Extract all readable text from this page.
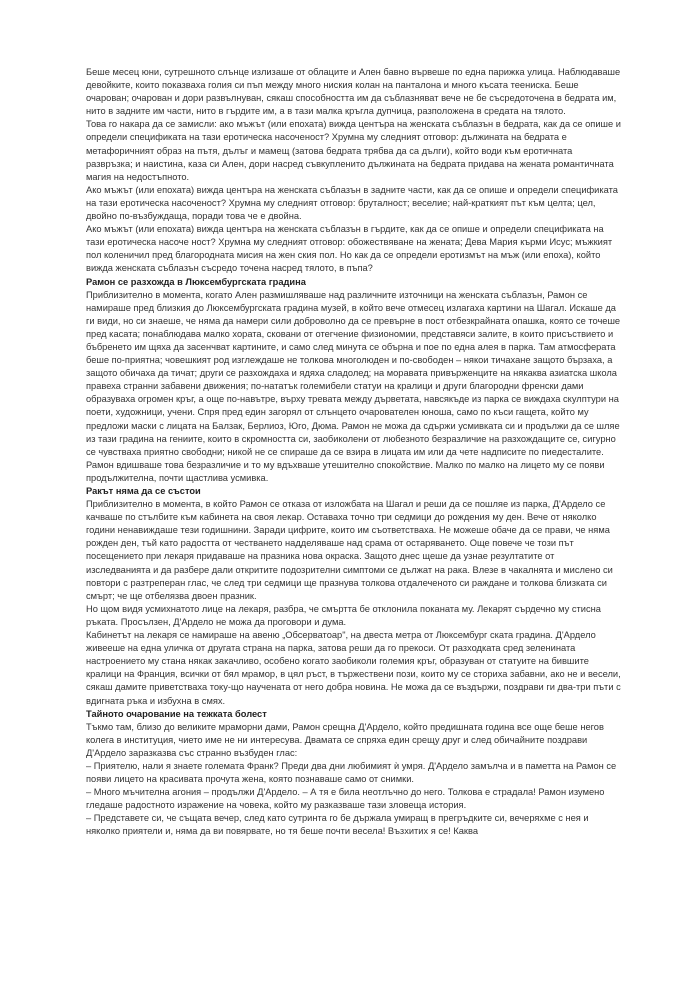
Беше месец юни, сутрешното слънце излизаше от облаците и Ален бавно вървеше по една парижка улица. Наблюдаваше девойките, които показваха голия си пъп между много ниския колан на панталона и много късата теениска. Беше очарован; очарован и дори развълнуван, сякаш способността им да съблазняват вече не бе съсредоточена в бедрата им, нито в задните им части, нито в гърдите им, а в тази малка кръгла дупчица, разположена в средата на тялото.

Това го накара да се замисли: ако мъжът (или епохата) вижда центъра на женската съблазън в бедрата, как да се опише и определи спецификата на тази еротическа насоченост? Хрумна му следният отговор: дължината на бедрата е метафоричният образ на пътя, дълъг и мамещ (затова бедрата трябва да са дълги), който води към еротичната развръзка; и наистина, каза си Ален, дори насред съвкупленито дължината на бедрата придава на жената романтичната магия на недостъпното.

Ако мъжът (или епохата) вижда центъра на женската съблазън в задните части, как да се опише и определи спецификата на тази еротическа насоченост? Хрумна му следният отговор: бруталност; веселие; най-краткият път към целта; цел, двойно по-възбуждаща, поради това че е двойна.

Ако мъжът (или епохата) вижда центъра на женската съблазън в гърдите, как да се опише и определи спецификата на тази еротическа насоче ност? Хрумна му следният отговор: обожествяване на жената; Дева Мария кърми Исус; мъжкият пол коленичил пред благородната мисия на жен ския пол. Но как да се определи еротизмът на мъж (или епоха), който вижда женската съблазън съсредо точена насред тялото, в пъпа?

Рамон се разхожда в Люксембургската градина

Приблизително в момента, когато Ален размишляваше над различните източници на женската съблазън, Рамон се намираше пред близкия до Люксембургската градина музей, в който вече отмесец излагаха картини на Шагал. Искаше да ги види, но си знаеше, че няма да намери сили доброволно да се превърне в пост отбезкрайната опашка, която се точеше пред касата; понаблюдава малко хората, сковани от отегчение физиономии, представяси залите, в които присъствието и бъбренето им щяха да засенчват картините, и само след минута се обърна и пое по една алея в парка. Там атмосферата беше по-приятна; човешкият род изглеждаше не толкова многолюден и по-свободен – някои тичахане защото бързаха, а защото обичаха да тичат; други се разхождаха и ядяха сладолед; на моравата привърженците на някаква азиатска школа правеха странни забавени движения; по-нататък големибели статуи на кралици и други благородни френски дами образуваха огромен кръг, а още по-навътре, върху тревата между дърветата, навсякъде из парка се виждаха скулптури на поети, художници, учени. Спря пред един загорял от слънцето очарователен юноша, само по къси гащета, който му предложи маски с лицата на Балзак, Берлиоз, Юго, Дюма. Рамон не можа да сдържи усмивката си и продължи да се шляе из тази градина на гениите, които в скромността си, заобиколени от любезното безразличие на разхождащите се, сигурно се чувстваха приятно свободни; никой не се спираше да се взира в лицата им или да чете надписите по пиедесталите. Рамон вдишваше това безразличие и то му вдъхваше утешително спокойствие. Малко по малко на лицето му се появи продължителна, почти щастлива усмивка.

Ракът няма да се състои

Приблизително в момента, в който Рамон се отказа от изложбата на Шагал и реши да се пошляе из парка, Д'Ардело се качваше по стълбите към кабинета на своя лекар. Оставаха точно три седмици до рождения му ден. Вече от няколко години ненавиждаше тези годишнини. Заради цифрите, които им съответстваха. Не можеше обаче да се прави, че няма рожден ден, тъй като радостта от честването надделяваше над срама от остаряването. Още повече че този път посещението при лекаря придаваше на празника нова окраска. Защото днес щеше да узнае резултатите от изследванията и да разбере дали откритите подозрителни симптоми се дължат на рака. Влезе в чакалнята и мислено си повтори с разтреперан глас, че след три седмици ще празнува толкова отдалеченото си раждане и толкова близката си смърт; че ще отбелязва двоен празник.

Но щом видя усмихнатото лице на лекаря, разбра, че смъртта бе отклонила поканата му. Лекарят сърдечно му стисна ръката. Просълзен, Д'Ардело не можа да проговори и дума.

Кабинетът на лекаря се намираше на авеню „Обсерватоар", на двеста метра от Люксембург ската градина. Д'Ардело живееше на една уличка от другата страна на парка, затова реши да го прекоси. От разходката сред зеленината настроението му стана някак закачливо, особено когато заобиколи големия кръг, образуван от статуите на бившите кралици на Франция, всички от бял мрамор, в цял ръст, в тържествени пози, които му се сториха забавни, ако не и весели, сякаш дамите приветстваха току-що научената от него добра новина. Не можа да се въздържи, поздрави ги два-три пъти с вдигната ръка и избухна в смях.

Тайното очарование на тежката болест

Тъкмо там, близо до великите мраморни дами, Рамон срещна Д'Ардело, който предишната година все още беше негов колега в институция, чието име не ни интересува. Двамата се спряха един срещу друг и след обичайните поздрави Д'Ардело заразказва със странно възбуден глас:

– Приятелю, нали я знаете големата Франк? Преди два дни любимият ѝ умря. Д'Ардело замълча и в паметта на Рамон се появи лицето на красивата прочута жена, която познаваше само от снимки.

– Много мъчителна агония – продължи Д'Ардело. – А тя е била неотлъчно до него. Толкова е страдала! Рамон изумено гледаше радостното изражение на човека, който му разказваше тази зловеща история.

– Представете си, че същата вечер, след като сутринта го бе държала умиращ в прегръдките си, вечеряхме с нея и няколко приятели и, няма да ви повярвате, но тя беше почти весела! Възхитих я се! Каква
